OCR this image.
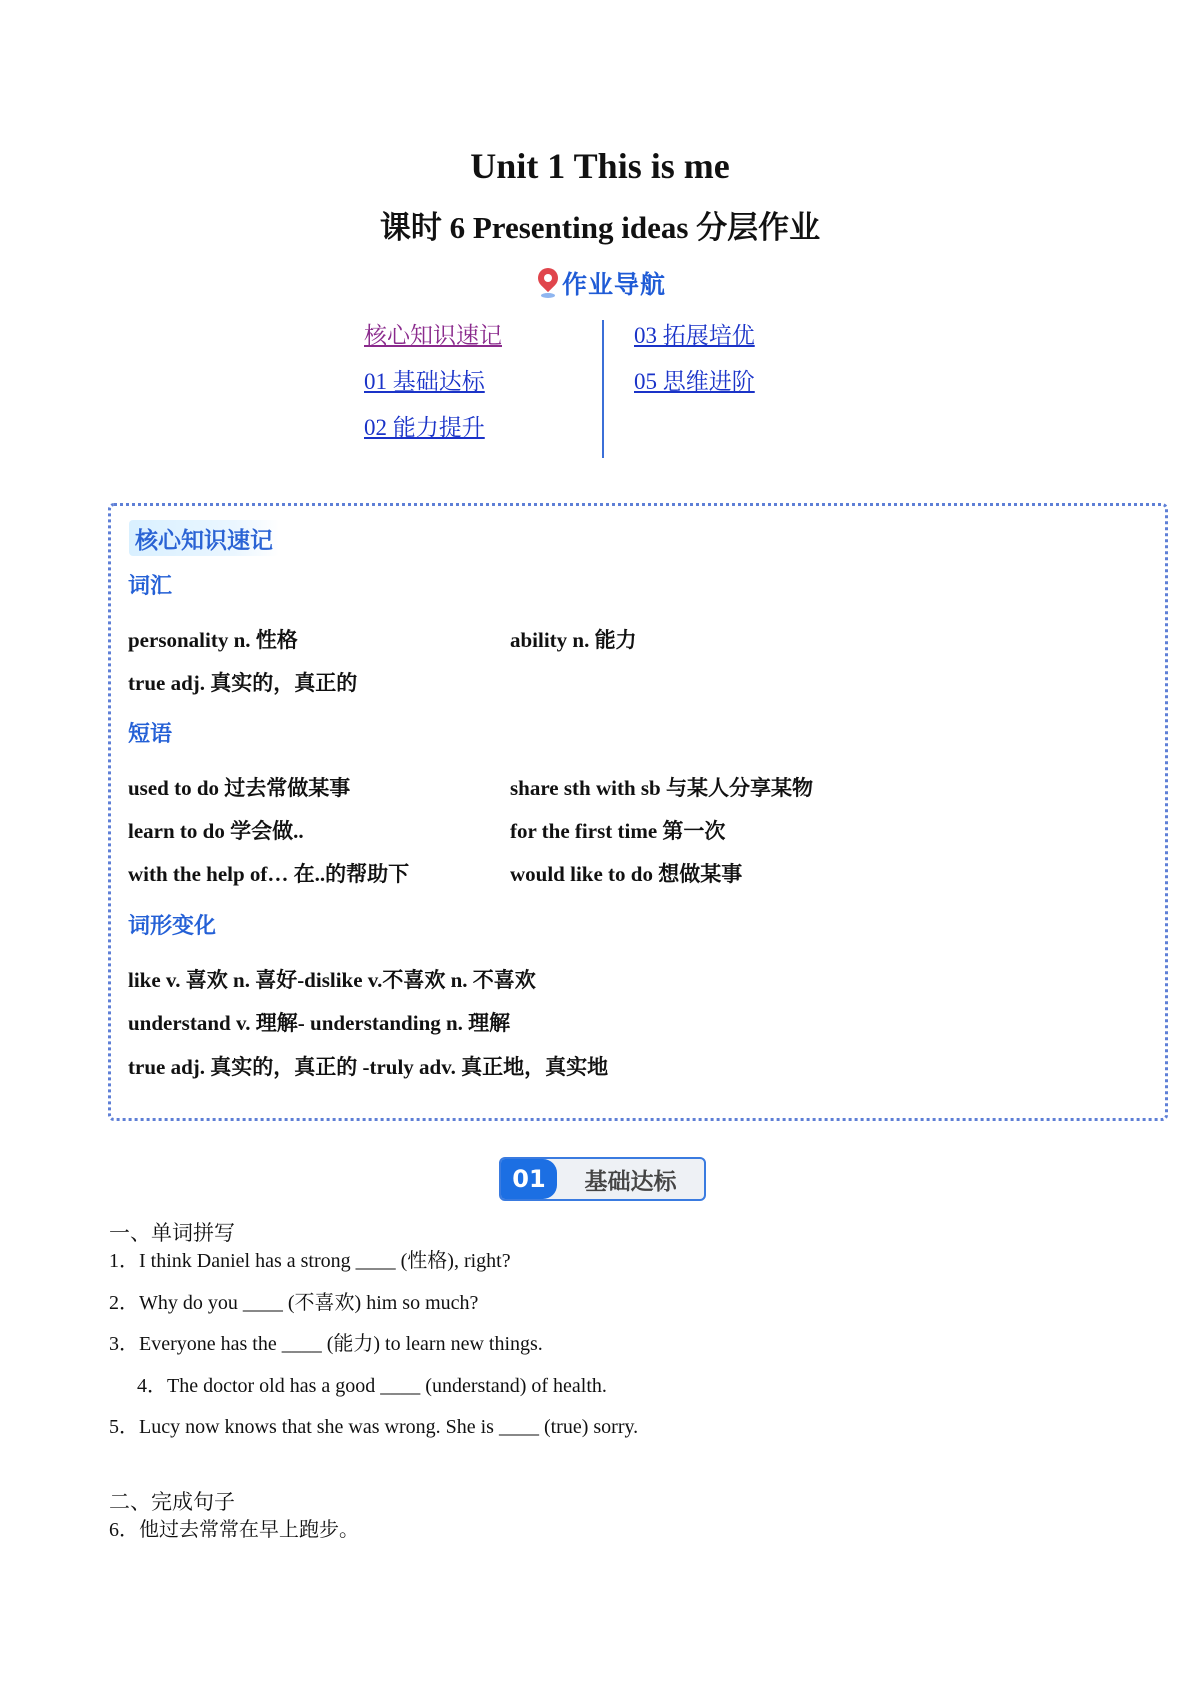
Unit 1 This is me
课时 6 Presenting ideas 分层作业
作业导航
核心知识速记
01 基础达标
02 能力提升
03 拓展培优
05 思维进阶
核心知识速记
词汇
personality n. 性格	ability n. 能力
true adj. 真实的，真正的
短语
used to do 过去常做某事	share sth with sb 与某人分享某物
learn to do 学会做..	for the first time 第一次
with the help of… 在..的帮助下	would like to do 想做某事
词形变化
like v. 喜欢 n. 喜好-dislike v.不喜欢 n. 不喜欢
understand v. 理解- understanding n. 理解
true adj. 真实的，真正的 -truly adv. 真正地，真实地
01	基础达标
一、单词拼写
1．I think Daniel has a strong ____ (性格), right?
2．Why do you ____ (不喜欢) him so much?
3．Everyone has the ____ (能力) to learn new things.
4．The doctor old has a good ____ (understand) of health.
5．Lucy now knows that she was wrong. She is ____ (true) sorry.
二、完成句子
6．他过去常常在早上跑步。
